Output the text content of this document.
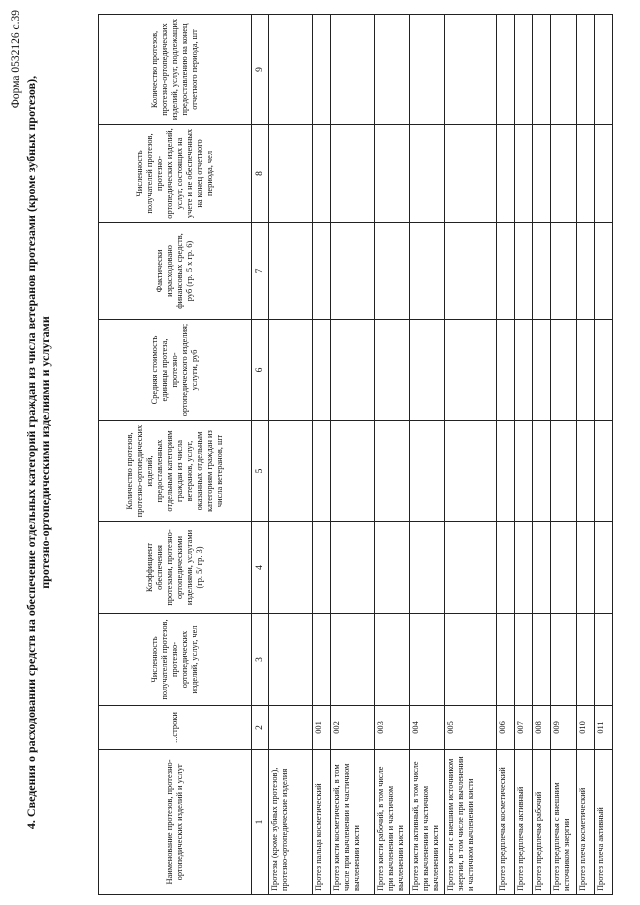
Форма 0532126 с.39
4. Сведения о расходовании средств на обеспечение отдельных категорий граждан из числа ветеранов протезами (кроме зубных протезов), протезно-ортопедическими изделиями и услугами
Наименование протезов, протезно-ортопедических изделий и услуг	...строки	Численность получателей протезов, протезно-ортопедических изделий, услуг, чел	Коэффициент обеспечения протезами, протезно-ортопедическими изделиями, услугами (гр. 5/ гр. 3)	Количество протезов, протезно-ортопедических изделий, предоставленных отдельным категориям граждан из числа ветеранов, услуг, оказанных отдельным категориям граждан из числа ветеранов, шт	Средняя стоимость единицы протеза, протезно-ортопедического изделия; услуги, руб	Фактически израсходовано финансовых средств, руб (гр. 5 х гр. 6)	Численность получателей протезов, протезно-ортопедических изделий, услуг, состоящих на учете и не обеспеченных на конец отчетного периода, чел	Количество протезов, протезно-ортопедических изделий, услуг, подлежащих предоставлению на конец отчетного периода, шт
1	2	3	4	5	6	7	8	9
Протезы (кроме зубных протезов), протезно-ортопедические изделия								
Протез пальца косметический	001							
Протез кисти косметический, в том числе при вычленении и частичном вычленении кисти	002							
Протез кисти рабочий, в том числе при вычленении и частичном вычленении кисти	003							
Протез кисти активный, в том числе при вычленении и частичном вычленении кисти	004							
Протез кисти с внешним источником энергии, в том числе при вычленении и частичном вычленении кисти	005							
Протез предплечья косметический	006							
Протез предплечья активный	007							
Протез предплечья рабочий	008							
Протез предплечья с внешним источником энергии	009							
Протез плеча косметический	010							
Протез плеча активный	011							
